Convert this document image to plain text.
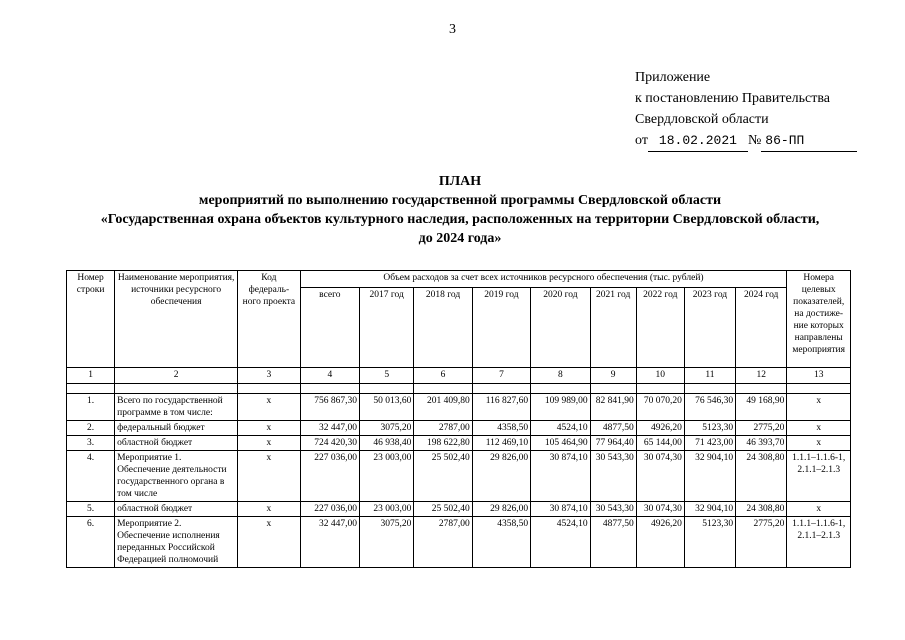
3
Приложение
к постановлению Правительства
Свердловской области
от 18.02.2021 № 86-ПП
ПЛАН
мероприятий по выполнению государственной программы Свердловской области
«Государственная охрана объектов культурного наследия, расположенных на территории Свердловской области,
до 2024 года»
Номер строки	Наименование мероприятия, источники ресурсного обеспечения	Код федераль-ного проекта	Объем расходов за счет всех источников ресурсного обеспечения (тыс. рублей)									Номера целевых показателей, на достиже-ние которых направлены мероприятия
			всего	2017 год	2018 год	2019 год	2020 год	2021 год	2022 год	2023 год	2024 год	
1	2	3	4	5	6	7	8	9	10	11	12	13

1.	Всего по государственной программе в том числе:	х	756 867,30	50 013,60	201 409,80	116 827,60	109 989,00	82 841,90	70 070,20	76 546,30	49 168,90	х
2.	федеральный бюджет	х	32 447,00	3075,20	2787,00	4358,50	4524,10	4877,50	4926,20	5123,30	2775,20	х
3.	областной бюджет	х	724 420,30	46 938,40	198 622,80	112 469,10	105 464,90	77 964,40	65 144,00	71 423,00	46 393,70	х
4.	Мероприятие 1. Обеспечение деятельности государственного органа в том числе	х	227 036,00	23 003,00	25 502,40	29 826,00	30 874,10	30 543,30	30 074,30	32 904,10	24 308,80	1.1.1–1.1.6-1, 2.1.1–2.1.3
5.	областной бюджет	х	227 036,00	23 003,00	25 502,40	29 826,00	30 874,10	30 543,30	30 074,30	32 904,10	24 308,80	х
6.	Мероприятие 2. Обеспечение исполнения переданных Российской Федерацией полномочий	х	32 447,00	3075,20	2787,00	4358,50	4524,10	4877,50	4926,20	5123,30	2775,20	1.1.1–1.1.6-1, 2.1.1–2.1.3
